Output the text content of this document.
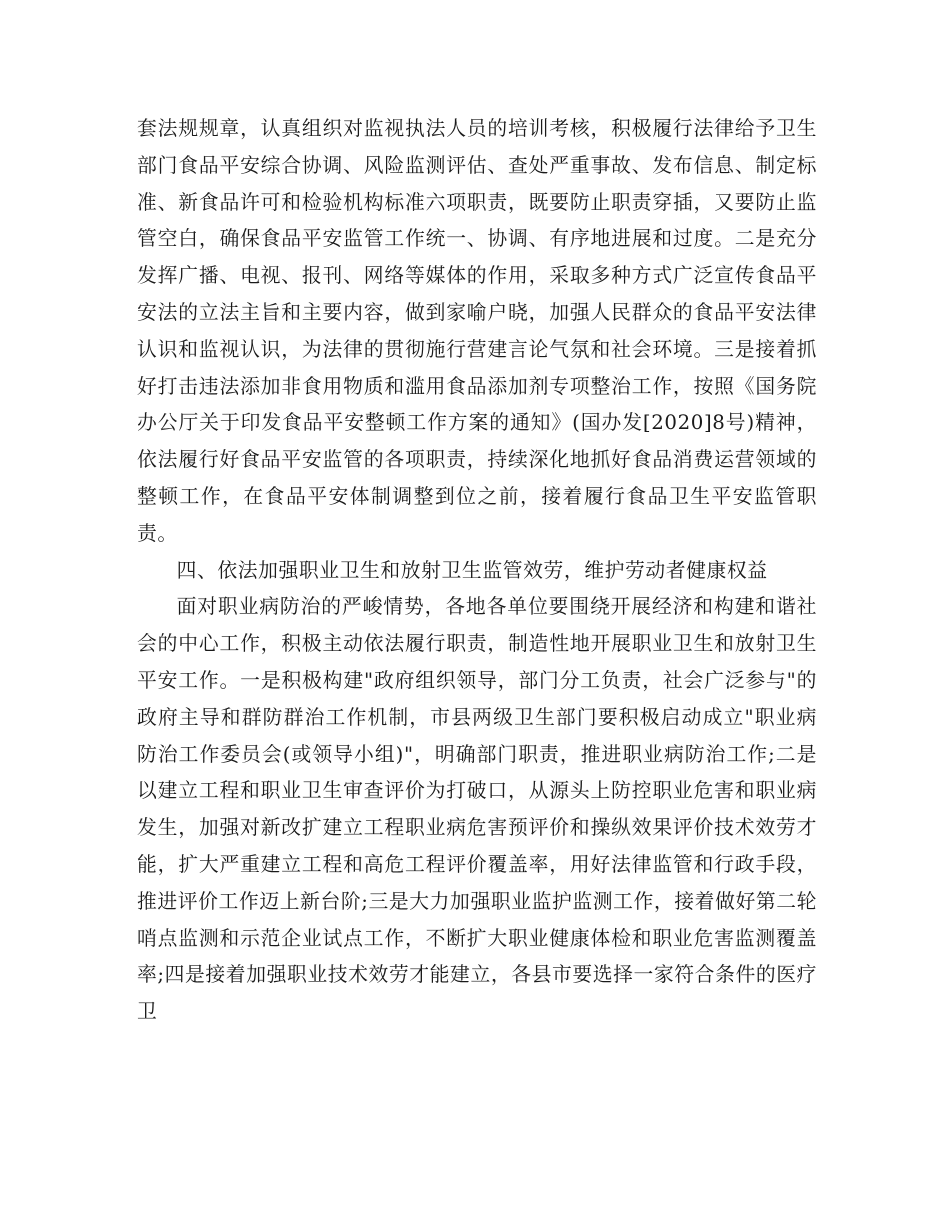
套法规规章，认真组织对监视执法人员的培训考核，积极履行法律给予卫生部门食品平安综合协调、风险监测评估、查处严重事故、发布信息、制定标准、新食品许可和检验机构标准六项职责，既要防止职责穿插，又要防止监管空白，确保食品平安监管工作统一、协调、有序地进展和过度。二是充分发挥广播、电视、报刊、网络等媒体的作用，采取多种方式广泛宣传食品平安法的立法主旨和主要内容，做到家喻户晓，加强人民群众的食品平安法律认识和监视认识，为法律的贯彻施行营建言论气氛和社会环境。三是接着抓好打击违法添加非食用物质和滥用食品添加剂专项整治工作，按照《国务院办公厅关于印发食品平安整顿工作方案的通知》(国办发[2020]8号)精神，依法履行好食品平安监管的各项职责，持续深化地抓好食品消费运营领域的整顿工作，在食品平安体制调整到位之前，接着履行食品卫生平安监管职责。

四、依法加强职业卫生和放射卫生监管效劳，维护劳动者健康权益

面对职业病防治的严峻情势，各地各单位要围绕开展经济和构建和谐社会的中心工作，积极主动依法履行职责，制造性地开展职业卫生和放射卫生平安工作。一是积极构建"政府组织领导，部门分工负责，社会广泛参与"的政府主导和群防群治工作机制，市县两级卫生部门要积极启动成立"职业病防治工作委员会(或领导小组)"，明确部门职责，推进职业病防治工作;二是以建立工程和职业卫生审查评价为打破口，从源头上防控职业危害和职业病发生，加强对新改扩建立工程职业病危害预评价和操纵效果评价技术效劳才能，扩大严重建立工程和高危工程评价覆盖率，用好法律监管和行政手段，推进评价工作迈上新台阶;三是大力加强职业监护监测工作，接着做好第二轮哨点监测和示范企业试点工作，不断扩大职业健康体检和职业危害监测覆盖率;四是接着加强职业技术效劳才能建立，各县市要选择一家符合条件的医疗卫
